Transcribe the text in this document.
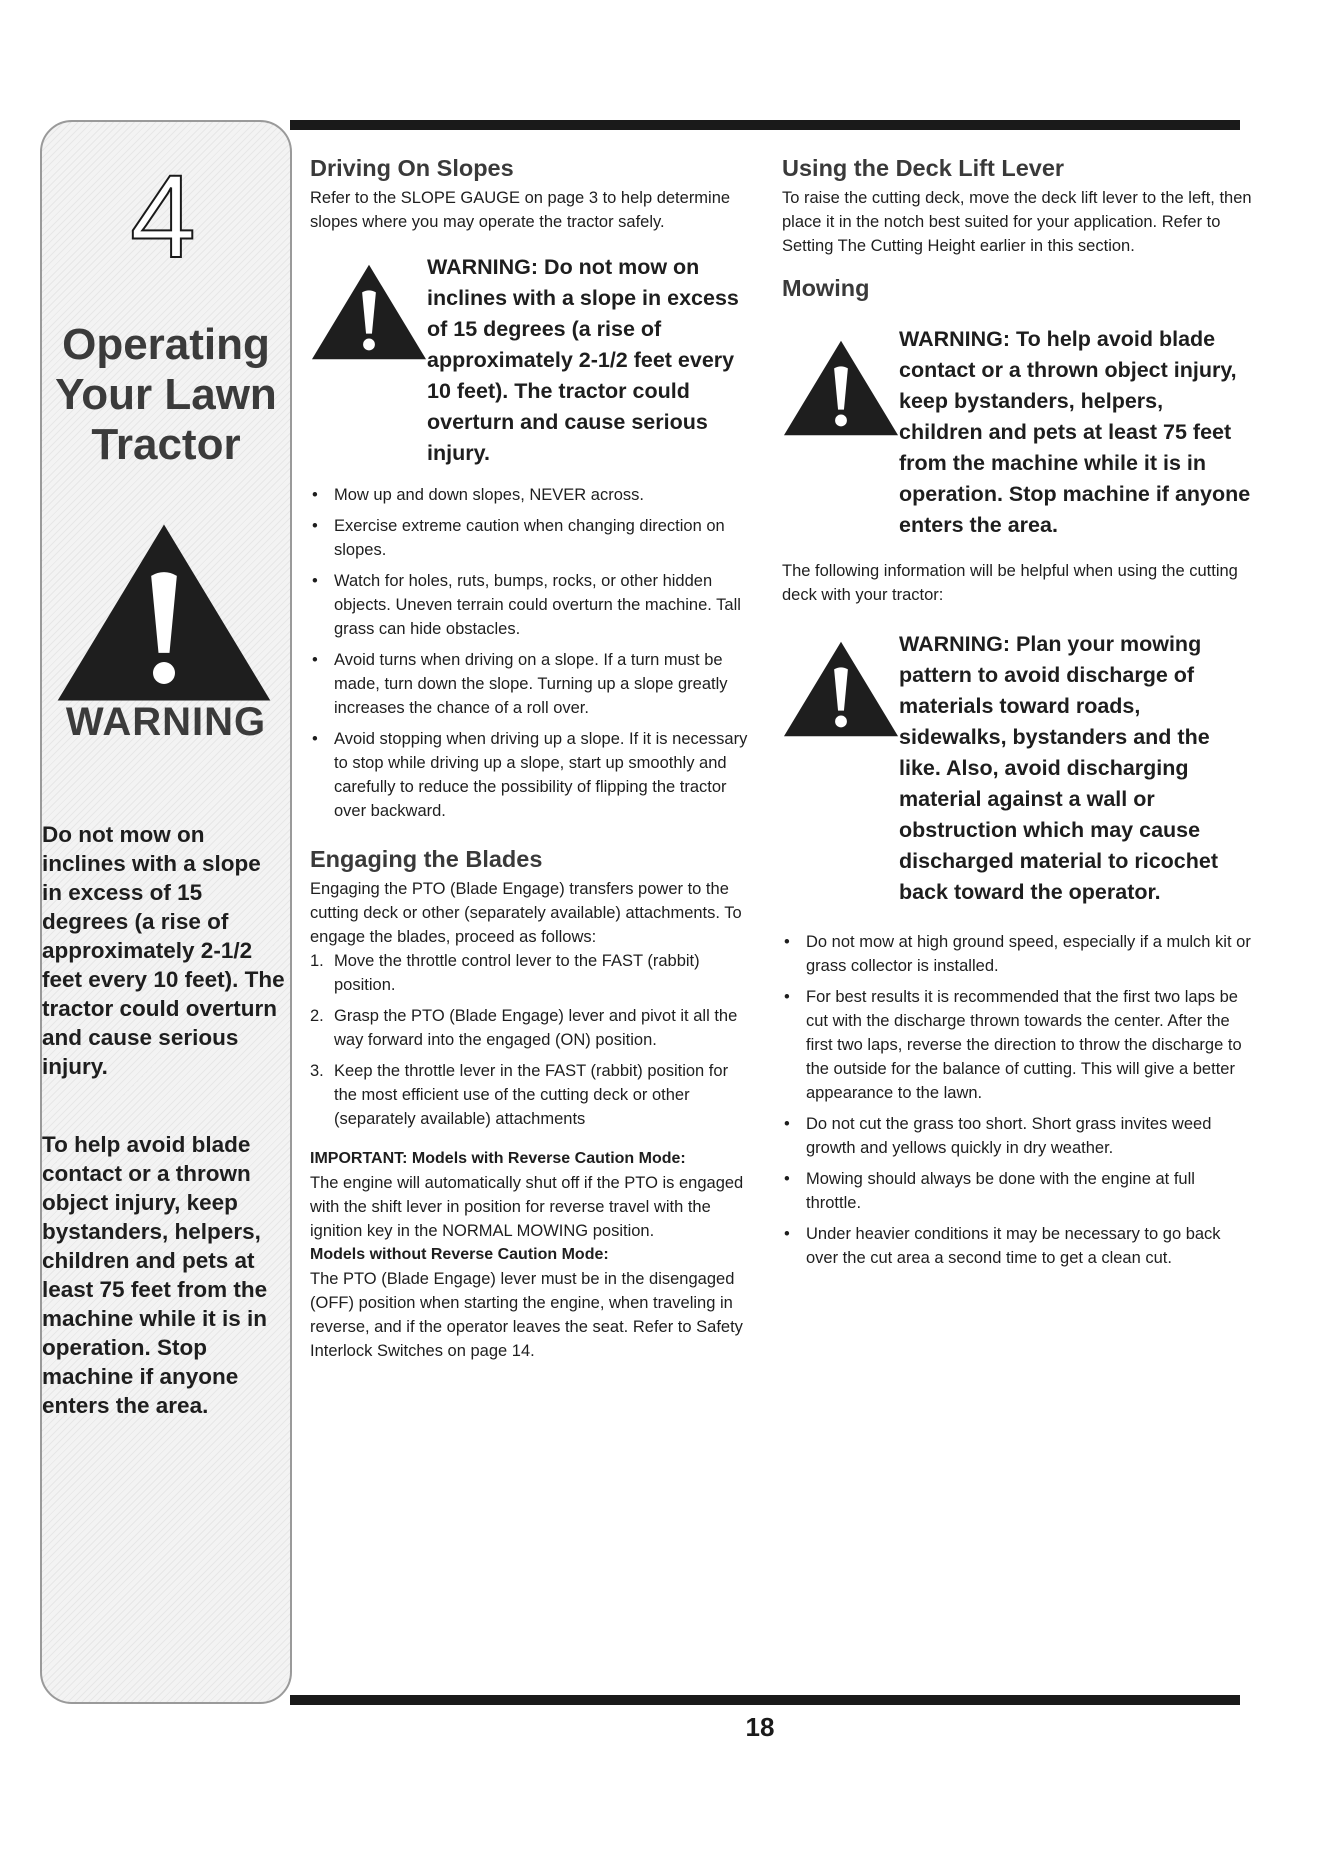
4
Operating
Your Lawn
Tractor
WARNING
Do not mow on inclines with a slope in excess of 15 degrees (a rise of approximately 2-1/2 feet every 10 feet). The tractor could overturn and cause serious injury.
To help avoid blade contact or a thrown object injury, keep bystanders, helpers, children and pets at least 75 feet from the machine while it is in operation. Stop machine if anyone enters the area.
Driving On Slopes

Refer to the SLOPE GAUGE on page 3 to help determine slopes where you may operate the tractor safely.

WARNING: Do not mow on inclines with a slope in excess of 15 degrees (a rise of approximately 2-1/2 feet every 10 feet). The tractor could overturn and cause serious injury.
• Mow up and down slopes, NEVER across.
• Exercise extreme caution when changing direction on slopes.
• Watch for holes, ruts, bumps, rocks, or other hidden objects. Uneven terrain could overturn the machine. Tall grass can hide obstacles.
• Avoid turns when driving on a slope. If a turn must be made, turn down the slope. Turning up a slope greatly increases the chance of a roll over.
• Avoid stopping when driving up a slope. If it is necessary to stop while driving up a slope, start up smoothly and carefully to reduce the possibility of flipping the tractor over backward.
Engaging the Blades

Engaging the PTO (Blade Engage) transfers power to the cutting deck or other (separately available) attachments. To engage the blades, proceed as follows:

1. Move the throttle control lever to the FAST (rabbit) position.
2. Grasp the PTO (Blade Engage) lever and pivot it all the way forward into the engaged (ON) position.
3. Keep the throttle lever in the FAST (rabbit) position for the most efficient use of the cutting deck or other (separately available) attachments

IMPORTANT: Models with Reverse Caution Mode:

The engine will automatically shut off if the PTO is engaged with the shift lever in position for reverse travel with the ignition key in the NORMAL MOWING position.

Models without Reverse Caution Mode:

The PTO (Blade Engage) lever must be in the disengaged (OFF) position when starting the engine, when traveling in reverse, and if the operator leaves the seat. Refer to Safety Interlock Switches on page 14.

Using the Deck Lift Lever

To raise the cutting deck, move the deck lift lever to the left, then place it in the notch best suited for your application. Refer to Setting The Cutting Height earlier in this section.

Mowing
WARNING: To help avoid blade contact or a thrown object injury, keep bystanders, helpers, children and pets at least 75 feet from the machine while it is in operation. Stop machine if anyone enters the area.

The following information will be helpful when using the cutting deck with your tractor:

WARNING: Plan your mowing pattern to avoid discharge of materials toward roads, sidewalks, bystanders and the like. Also, avoid discharging material against a wall or obstruction which may cause discharged material to ricochet back toward the operator.
• Do not mow at high ground speed, especially if a mulch kit or grass collector is installed.
• For best results it is recommended that the first two laps be cut with the discharge thrown towards the center. After the first two laps, reverse the direction to throw the discharge to the outside for the balance of cutting. This will give a better appearance to the lawn.
• Do not cut the grass too short. Short grass invites weed growth and yellows quickly in dry weather.
• Mowing should always be done with the engine at full throttle.
• Under heavier conditions it may be necessary to go back over the cut area a second time to get a clean cut.
18
